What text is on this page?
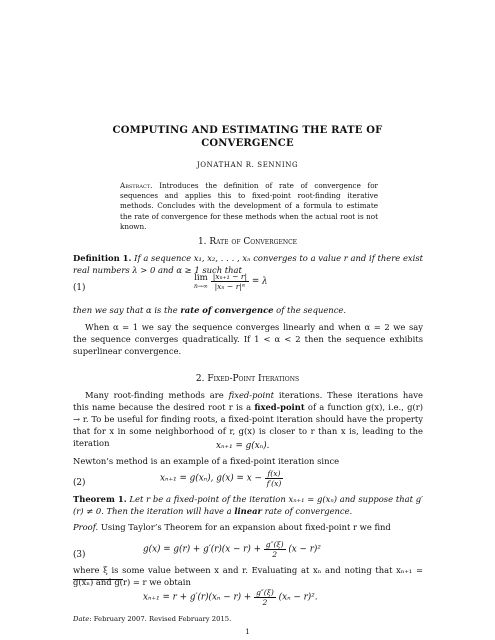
COMPUTING AND ESTIMATING THE RATE OF
CONVERGENCE
JONATHAN R. SENNING
Abstract. Introduces the definition of rate of convergence for sequences and applies this to fixed-point root-finding iterative methods. Concludes with the development of a formula to estimate the rate of convergence for these methods when the actual root is not known.
1. Rate of Convergence
Definition 1. If a sequence x₁, x₂, . . . , xₙ converges to a value r and if there exist real numbers λ > 0 and α ≥ 1 such that
(1)
lim
n→∞
$\frac{\text{|xₙ₊₁ − r|}}{\text{|xₙ − r|ᵅ}} = \lambda$
then we say that α is the rate of convergence of the sequence.
When α = 1 we say the sequence converges linearly and when α = 2 we say the sequence converges quadratically. If 1 < α < 2 then the sequence exhibits superlinear convergence.
2. Fixed-Point Iterations
Many root-finding methods are fixed-point iterations. These iterations have this name because the desired root r is a fixed-point of a function g(x), i.e., g(r) → r. To be useful for finding roots, a fixed-point iteration should have the property that for x in some neighborhood of r, g(x) is closer to r than x is, leading to the iteration	xₙ₊₁ = g(xₙ).
Newton’s method is an example of a fixed-point iteration since
(2)	xₙ₊₁ = g(xₙ), $g(x) = x - \frac{f(x)}{f'(x)}$
Theorem 1. Let r be a fixed-point of the iteration xₙ₊₁ = g(xₙ) and suppose that g′(r) ≠ 0. Then the iteration will have a linear rate of convergence.
Proof. Using Taylor’s Theorem for an expansion about fixed-point r we find
(3)
$g(x) = g(r) + g'(r)(x - r) + \frac{g''(\xi)}{2} (x - r)^2$
where ξ is some value between x and r. Evaluating at xₙ and noting that xₙ₊₁ = g(xₙ) and g(r) = r we obtain
$x_{n+1} = r + g'(r)(x_n - r) + \frac{g''(\xi)}{2} (x_n - r)^2$.
Date: February 2007. Revised February 2015.
1
